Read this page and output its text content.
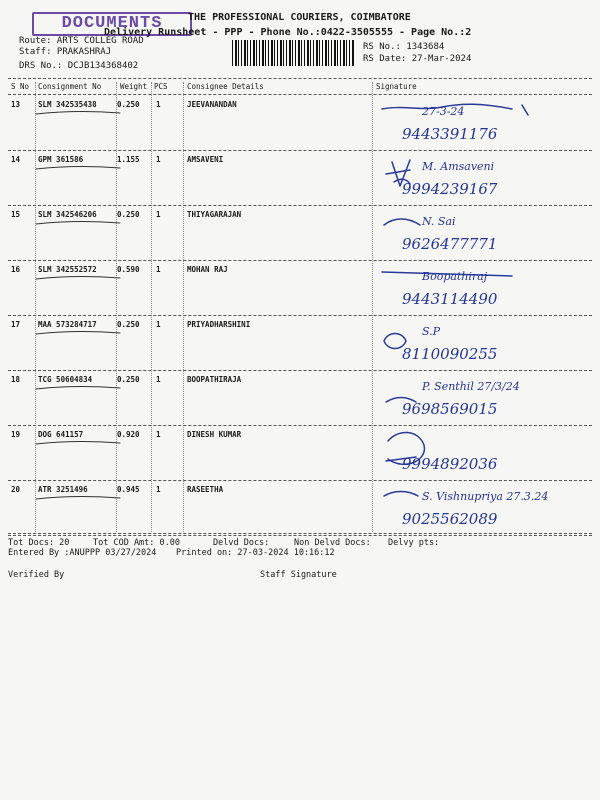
DOCUMENTS	THE PROFESSIONAL COURIERS, COIMBATORE
Delivery Runsheet - PPP - Phone No.:0422-3505555 - Page No.:2
Route: ARTS COLLEG ROAD
Staff: PRAKASHRAJ
DRS No.: DCJB134368402
RS No.: 1343684
RS Date: 27-Mar-2024
S No Consignment No	Weight PCS	Consignee Details	Signature
13 SLM 342535438	0.250 1	JEEVANANDAN
27-3-24
9443391176
14 GPM 361586	1.155 1	AMSAVENI
M. Amsaveni
9994239167
15 SLM 342546206	0.250 1	THIYAGARAJAN
N. Sai
9626477771
16 SLM 342552572	0.590 1	MOHAN RAJ
Boopathiraj
9443114490
17 MAA 573284717	0.250 1	PRIYADHARSHINI
S.P
8110090255
18 TCG 50604834	0.250 1	BOOPATHIRAJA
P. Senthil 27/3/24
9698569015
19 DOG 641157	0.920 1	DINESH KUMAR
9994892036
20 ATR 3251496	0.945 1	RASEETHA
S. Vishnupriya 27.3.24
9025562089
Tot Docs: 20	Tot COD Amt: 0.00	Delvd Docs:	Non Delvd Docs: Delvy pts:
Entered By :ANUPPP 03/27/2024 Printed on: 27-03-2024 10:16:12
Verified By	Staff Signature
